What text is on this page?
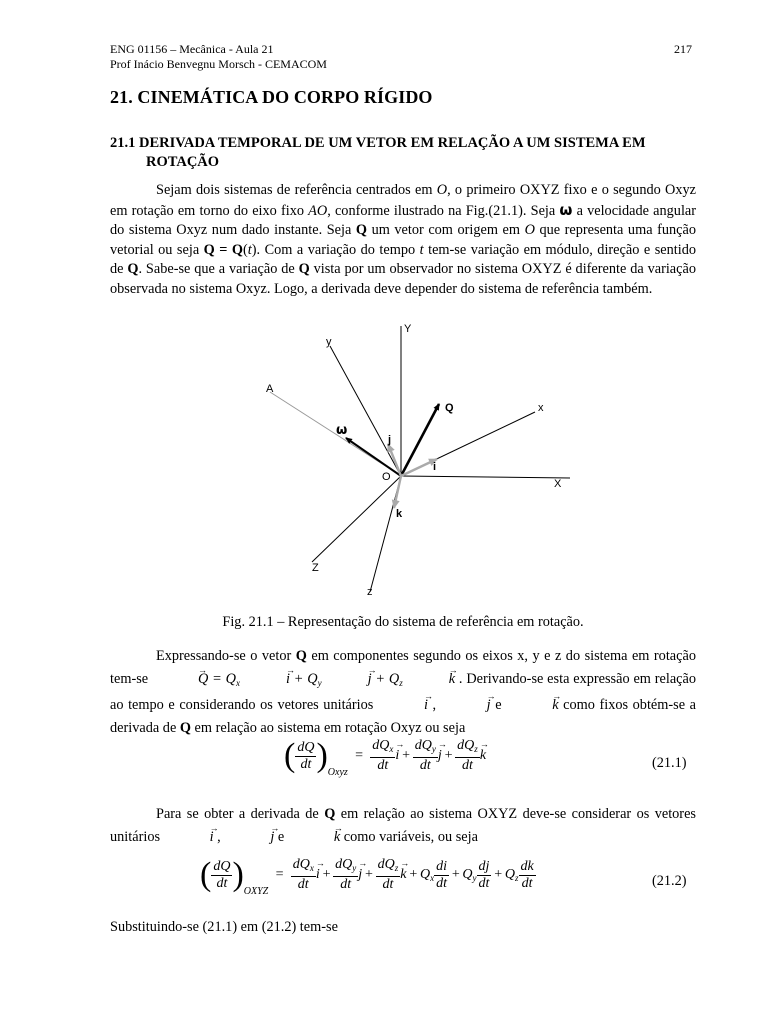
ENG 01156 – Mecânica - Aula 21
Prof Inácio Benvegnu Morsch - CEMACOM
217
21. CINEMÁTICA DO CORPO RÍGIDO
21.1 DERIVADA TEMPORAL DE UM VETOR EM RELAÇÃO A UM SISTEMA EM
ROTAÇÃO
Sejam dois sistemas de referência centrados em O, o primeiro OXYZ fixo e o segundo Oxyz em rotação em torno do eixo fixo AO, conforme ilustrado na Fig.(21.1). Seja ω a velocidade angular do sistema Oxyz num dado instante. Seja Q um vetor com origem em O que representa uma função vetorial ou seja Q = Q(t). Com a variação do tempo t tem-se variação em módulo, direção e sentido de Q. Sabe-se que a variação de Q vista por um observador no sistema OXYZ é diferente da variação observada no sistema Oxyz. Logo, a derivada deve depender do sistema de referência também.
Y
y
A
Q	x
ω
j
i
O
X
k
Z
z
Fig. 21.1 – Representação do sistema de referência em rotação.
Expressando-se o vetor Q em componentes segundo os eixos x, y e z do sistema em rotação tem-se →	$Q = Q_x\to$	$i + Q_y\to$	$j + Q_z\to$	k . Derivando-se esta expressão em relação ao tempo e considerando os vetores unitários →	i , →	j e →	k como fixos obtém-se a derivada de Q em relação ao sistema em rotação Oxyz ou seja
( $\frac{dQ}{dt} )_{Oxyz} = \frac{dQ_x}{dt}$
→ $i + \frac{dQ_y}{dt}$
→ $j + \frac{dQ_z}{dt}$
→ k	(21.1)
Para se obter a derivada de Q em relação ao sistema OXYZ deve-se considerar os vetores unitários →	i , →	j e →	k como variáveis, ou seja
( $\frac{dQ}{dt} )_{OXYZ} = \frac{dQ_x}{dt}$
→ $i + \frac{dQ_y}{dt}$
→ $j + \frac{dQ_z}{dt}$
→ $k + Q_x \frac{di}{dt} + Q_y \frac{dj}{dt} + Q_z \frac{dk}{dt}$	(21.2)
Substituindo-se (21.1) em (21.2) tem-se
